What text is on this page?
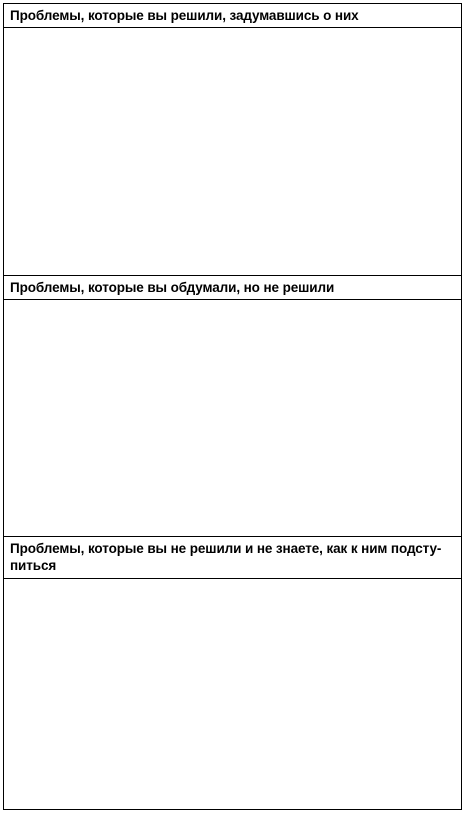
Проблемы, которые вы решили, задумавшись о них
Проблемы, которые вы обдумали, но не решили
Проблемы, которые вы не решили и не знаете, как к ним подсту-
питься
